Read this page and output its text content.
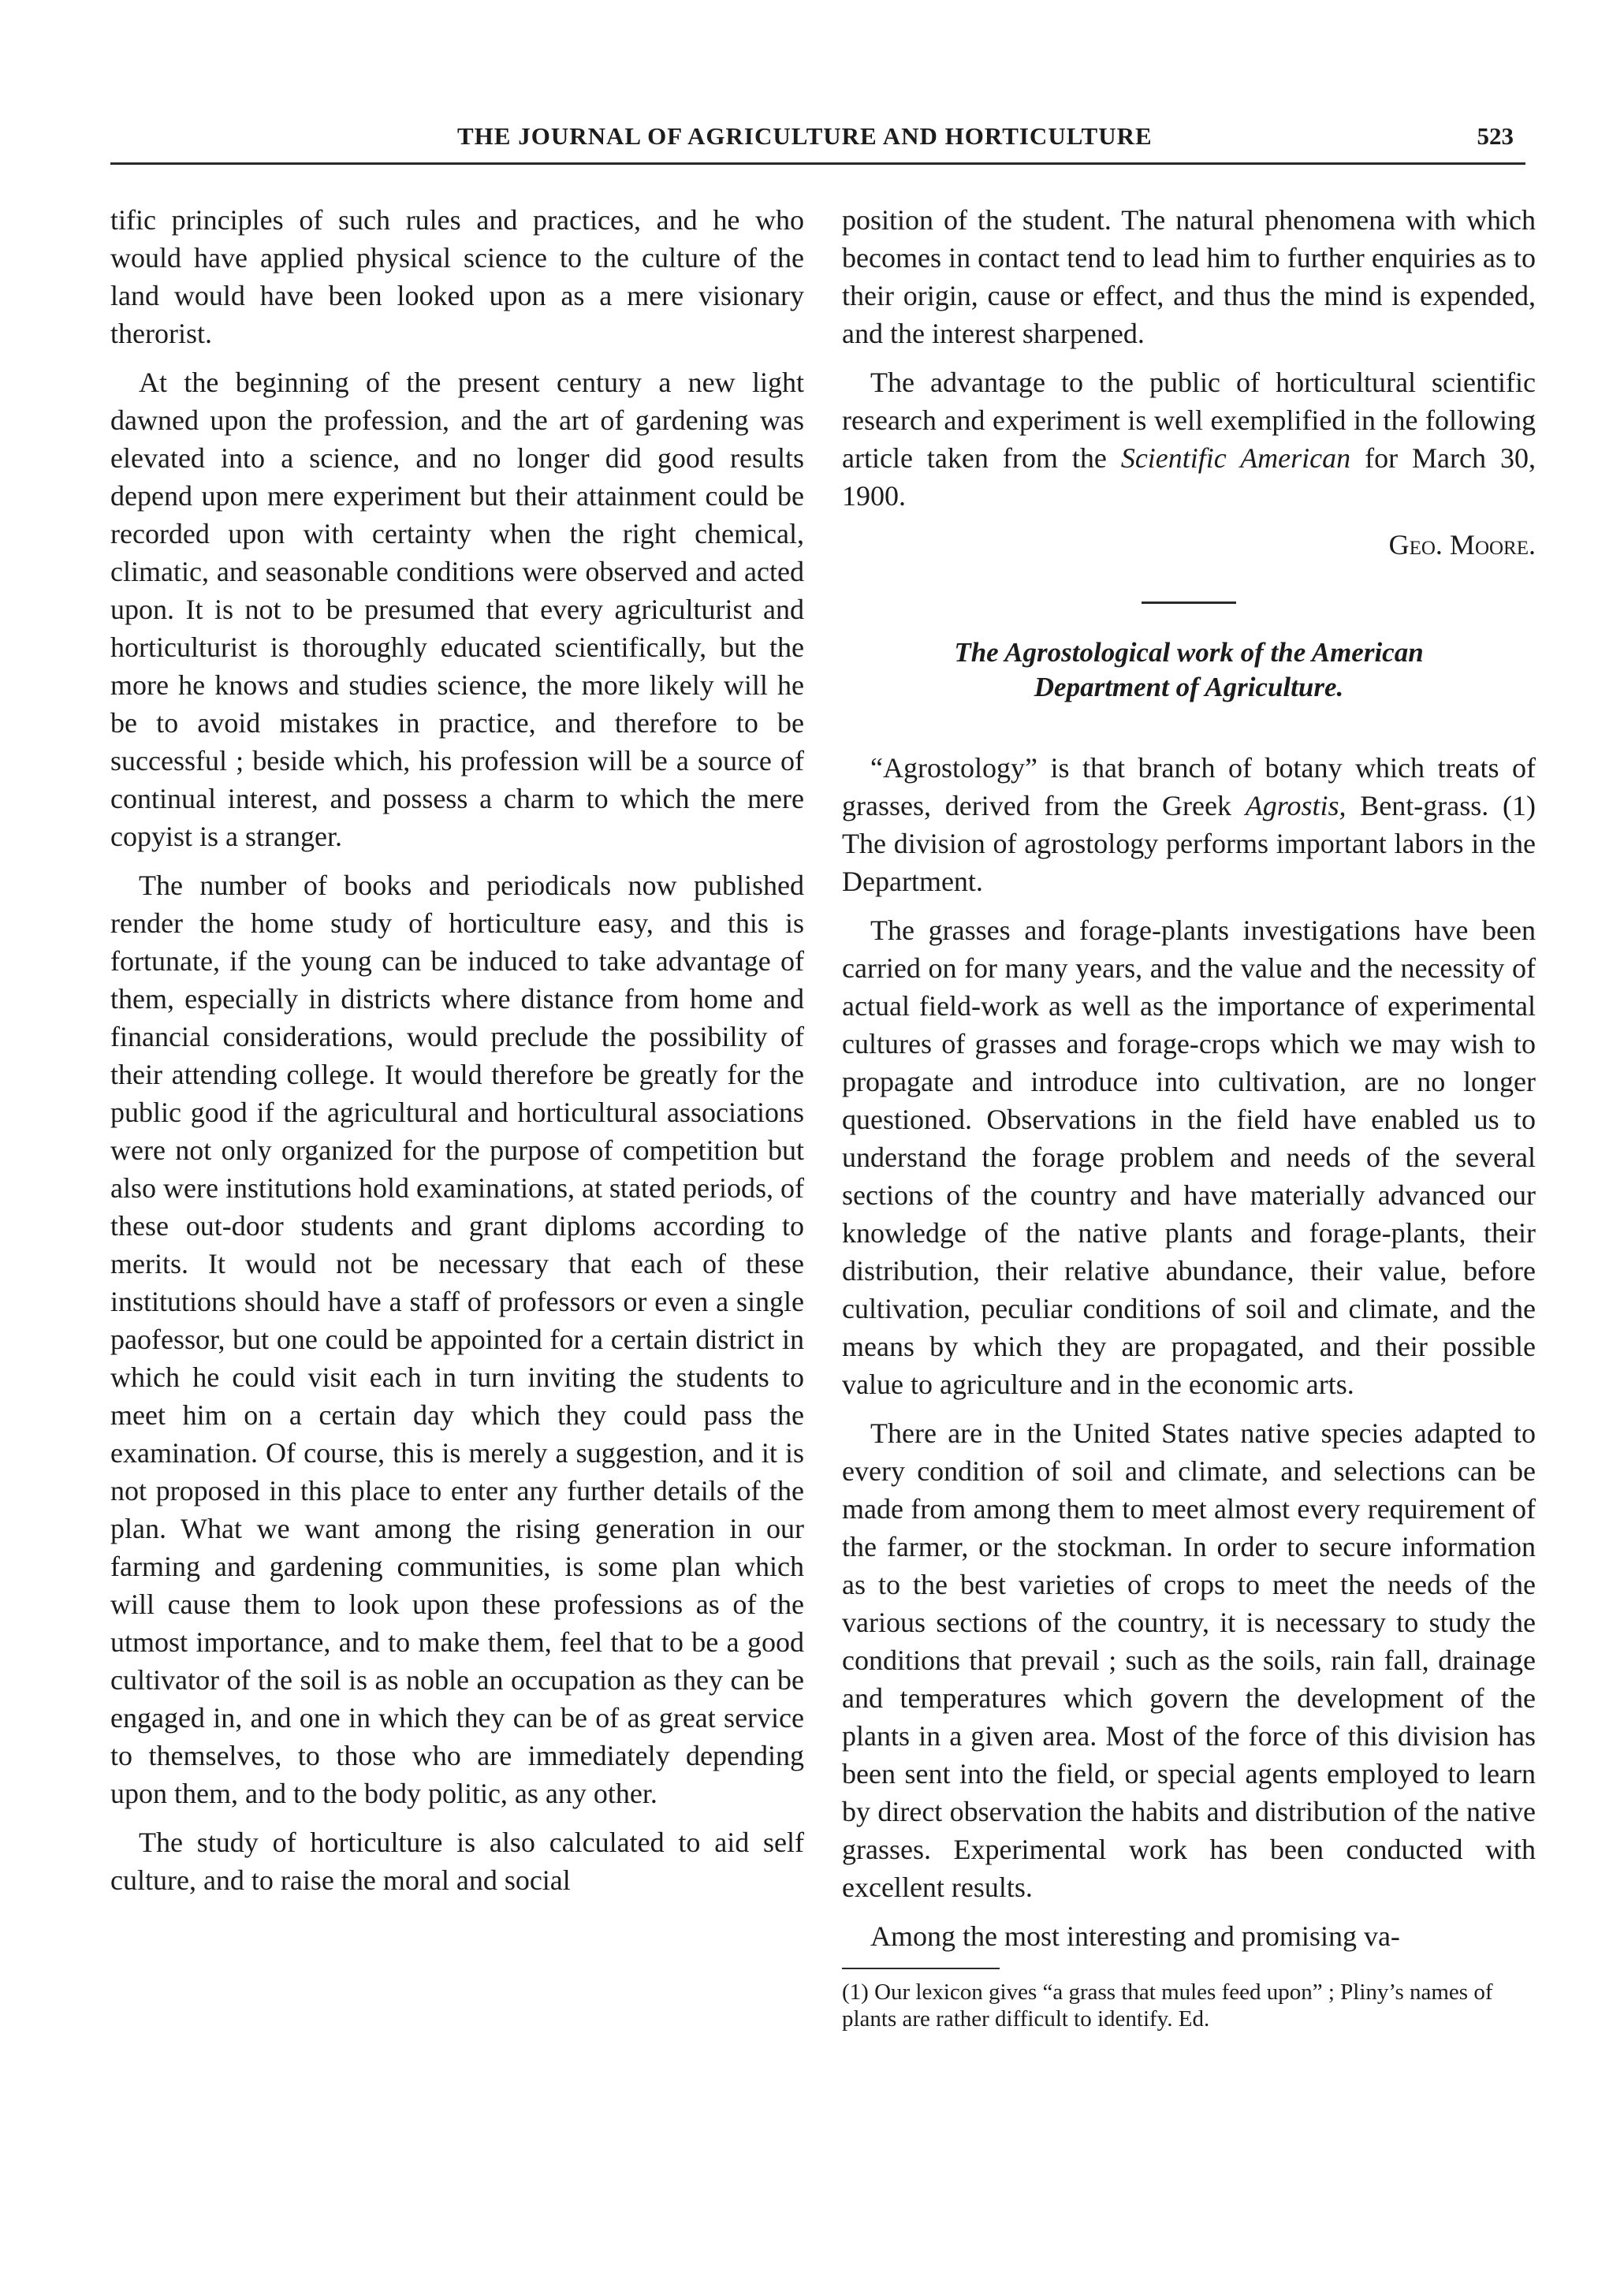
THE JOURNAL OF AGRICULTURE AND HORTICULTURE	523

tific principles of such rules and practices, and he who would have applied physical science to the culture of the land would have been looked upon as a mere visionary therorist.

At the beginning of the present century a new light dawned upon the profession, and the art of gardening was elevated into a science, and no longer did good results depend upon mere experiment but their attainment could be recorded upon with certainty when the right chemical, climatic, and seasonable conditions were observed and acted upon. It is not to be presumed that every agriculturist and horticulturist is thoroughly educated scientifically, but the more he knows and studies science, the more likely will he be to avoid mistakes in practice, and therefore to be successful ; beside which, his profession will be a source of continual interest, and possess a charm to which the mere copyist is a stranger.

The number of books and periodicals now published render the home study of horticulture easy, and this is fortunate, if the young can be induced to take advantage of them, especially in districts where distance from home and financial considerations, would preclude the possibility of their attending college. It would therefore be greatly for the public good if the agricultural and horticultural associations were not only organized for the purpose of competition but also were institutions hold examinations, at stated periods, of these out-door students and grant diploms according to merits. It would not be necessary that each of these institutions should have a staff of professors or even a single paofessor, but one could be appointed for a certain district in which he could visit each in turn inviting the students to meet him on a certain day which they could pass the examination. Of course, this is merely a suggestion, and it is not proposed in this place to enter any further details of the plan. What we want among the rising generation in our farming and gardening communities, is some plan which will cause them to look upon these professions as of the utmost importance, and to make them, feel that to be a good cultivator of the soil is as noble an occupation as they can be engaged in, and one in which they can be of as great service to themselves, to those who are immediately depending upon them, and to the body politic, as any other.

The study of horticulture is also calculated to aid self culture, and to raise the moral and social

position of the student. The natural phenomena with which becomes in contact tend to lead him to further enquiries as to their origin, cause or effect, and thus the mind is expended, and the interest sharpened.

The advantage to the public of horticultural scientific research and experiment is well exemplified in the following article taken from the Scientific American for March 30, 1900.

Geo. Moore.

The Agrostological work of the American
Department of Agriculture.

“Agrostology” is that branch of botany which treats of grasses, derived from the Greek Agrostis, Bent-grass. (1) The division of agrostology performs important labors in the Department.

The grasses and forage-plants investigations have been carried on for many years, and the value and the necessity of actual field-work as well as the importance of experimental cultures of grasses and forage-crops which we may wish to propagate and introduce into cultivation, are no longer questioned. Observations in the field have enabled us to understand the forage problem and needs of the several sections of the country and have materially advanced our knowledge of the native plants and forage-plants, their distribution, their relative abundance, their value, before cultivation, peculiar conditions of soil and climate, and the means by which they are propagated, and their possible value to agriculture and in the economic arts.

There are in the United States native species adapted to every condition of soil and climate, and selections can be made from among them to meet almost every requirement of the farmer, or the stockman. In order to secure information as to the best varieties of crops to meet the needs of the various sections of the country, it is necessary to study the conditions that prevail ; such as the soils, rain fall, drainage and temperatures which govern the development of the plants in a given area. Most of the force of this division has been sent into the field, or special agents employed to learn by direct observation the habits and distribution of the native grasses. Experimental work has been conducted with excellent results.

Among the most interesting and promising va-

(1) Our lexicon gives “a grass that mules feed upon” ; Pliny’s names of plants are rather difficult to identify. Ed.
